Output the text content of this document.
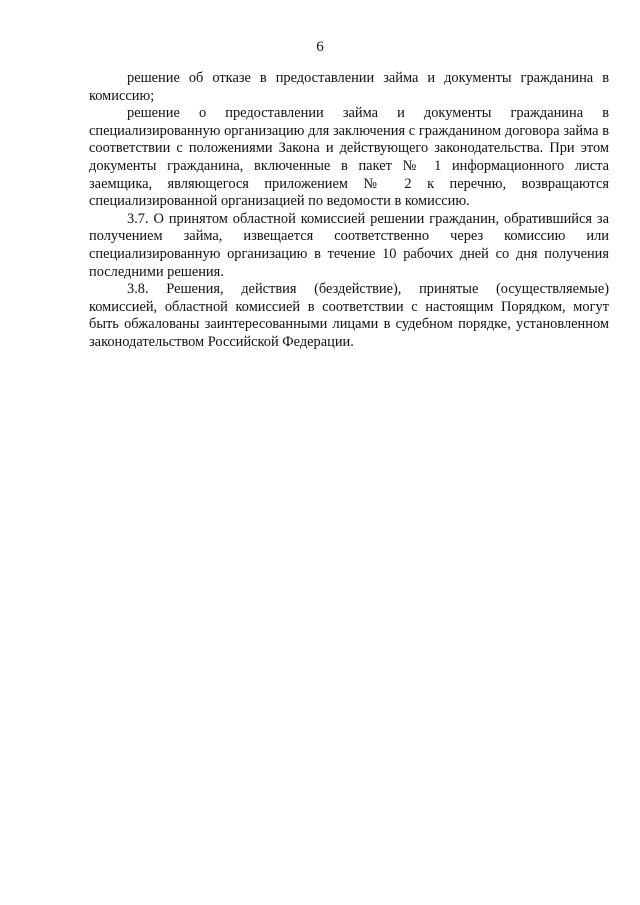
6

решение об отказе в предоставлении займа и документы гражданина в комиссию;

решение о предоставлении займа и документы гражданина в специализированную организацию для заключения с гражданином договора займа в соответствии с положениями Закона и действующего законодательства. При этом документы гражданина, включенные в пакет № 1 информационного листа заемщика, являющегося приложением № 2 к перечню, возвращаются специализированной организацией по ведомости в комиссию.

3.7. О принятом областной комиссией решении гражданин, обратившийся за получением займа, извещается соответственно через комиссию или специализированную организацию в течение 10 рабочих дней со дня получения последними решения.

3.8. Решения, действия (бездействие), принятые (осуществляемые) комиссией, областной комиссией в соответствии с настоящим Порядком, могут быть обжалованы заинтересованными лицами в судебном порядке, установленном законодательством Российской Федерации.
